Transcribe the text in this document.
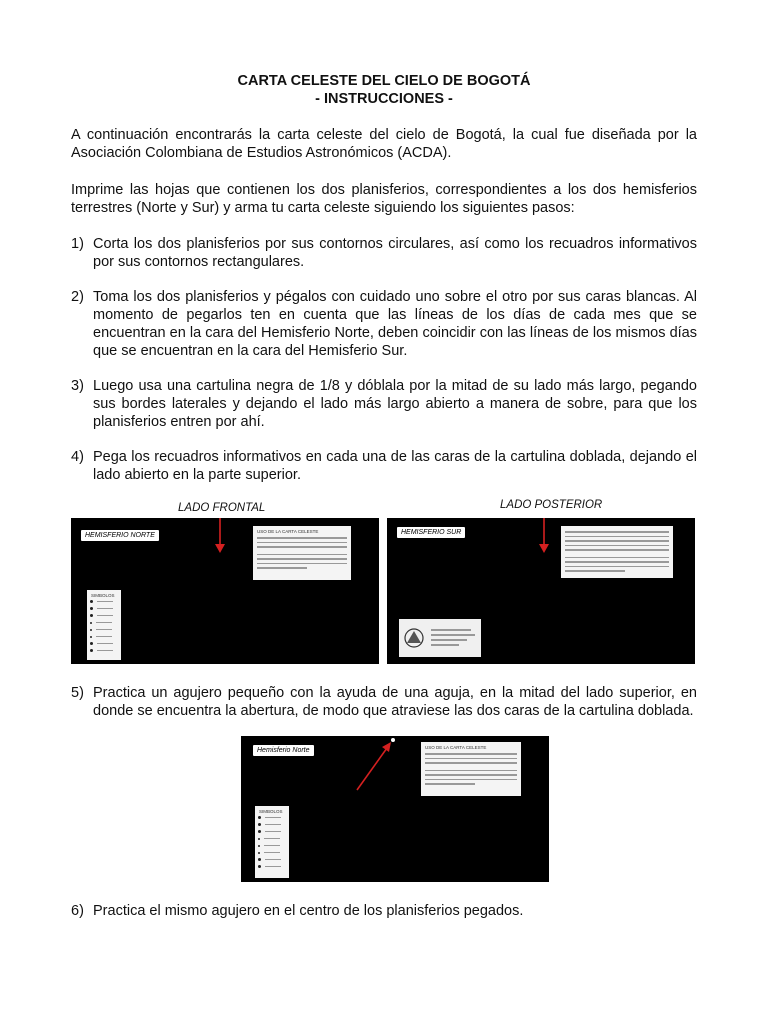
CARTA CELESTE DEL CIELO DE BOGOTÁ
- INSTRUCCIONES -

A continuación encontrarás la carta celeste del cielo de Bogotá, la cual fue diseñada por la Asociación Colombiana de Estudios Astronómicos (ACDA).

Imprime las hojas que contienen los dos planisferios, correspondientes a los dos hemisferios terrestres (Norte y Sur) y arma tu carta celeste siguiendo los siguientes pasos:

1) Corta los dos planisferios por sus contornos circulares, así como los recuadros informativos por sus contornos rectangulares.
2) Toma los dos planisferios y pégalos con cuidado uno sobre el otro por sus caras blancas. Al momento de pegarlos ten en cuenta que las líneas de los días de cada mes que se encuentran en la cara del Hemisferio Norte, deben coincidir con las líneas de los mismos días que se encuentran en la cara del Hemisferio Sur.
3) Luego usa una cartulina negra de 1/8 y dóblala por la mitad de su lado más largo, pegando sus bordes laterales y dejando el lado más largo abierto a manera de sobre, para que los planisferios entren por ahí.
4) Pega los recuadros informativos en cada una de las caras de la cartulina doblada, dejando el lado abierto en la parte superior.
LADO FRONTAL	LADO POSTERIOR
HEMISFERIO NORTE
USO DE LA CARTA CELESTE
SIMBOLOS
HEMISFERIO SUR
5) Practica un agujero pequeño con la ayuda de una aguja, en la mitad del lado superior, en donde se encuentra la abertura, de modo que atraviese las dos caras de la cartulina doblada.
Hemisferio Norte	USO DE LA CARTA CELESTE
SIMBOLOS
6) Practica el mismo agujero en el centro de los planisferios pegados.
